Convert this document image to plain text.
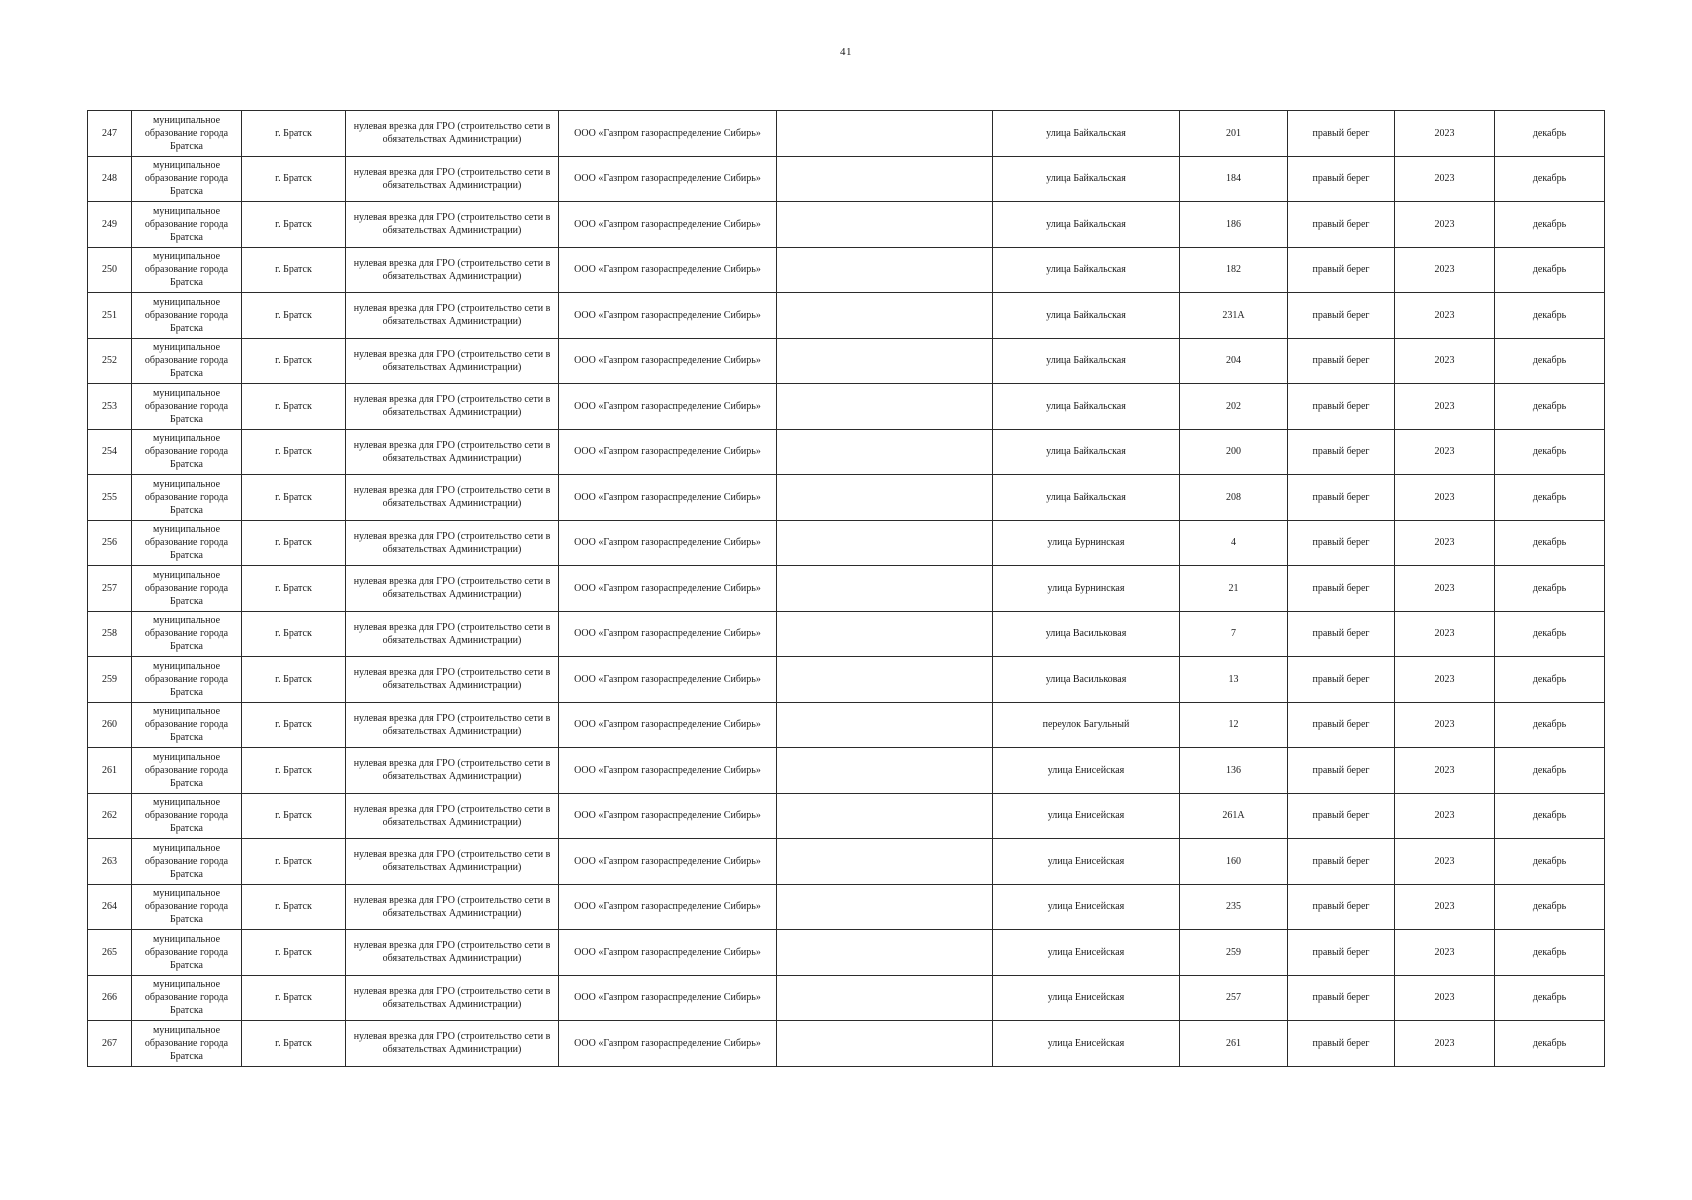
41
247	муниципальное образование города Братска	г. Братск	нулевая врезка для ГРО (строительство сети в обязательствах Администрации)	ООО «Газпром газораспределение Сибирь»		улица Байкальская	201	правый берег	2023	декабрь
248	муниципальное образование города Братска	г. Братск	нулевая врезка для ГРО (строительство сети в обязательствах Администрации)	ООО «Газпром газораспределение Сибирь»		улица Байкальская	184	правый берег	2023	декабрь
249	муниципальное образование города Братска	г. Братск	нулевая врезка для ГРО (строительство сети в обязательствах Администрации)	ООО «Газпром газораспределение Сибирь»		улица Байкальская	186	правый берег	2023	декабрь
250	муниципальное образование города Братска	г. Братск	нулевая врезка для ГРО (строительство сети в обязательствах Администрации)	ООО «Газпром газораспределение Сибирь»		улица Байкальская	182	правый берег	2023	декабрь
251	муниципальное образование города Братска	г. Братск	нулевая врезка для ГРО (строительство сети в обязательствах Администрации)	ООО «Газпром газораспределение Сибирь»		улица Байкальская	231А	правый берег	2023	декабрь
252	муниципальное образование города Братска	г. Братск	нулевая врезка для ГРО (строительство сети в обязательствах Администрации)	ООО «Газпром газораспределение Сибирь»		улица Байкальская	204	правый берег	2023	декабрь
253	муниципальное образование города Братска	г. Братск	нулевая врезка для ГРО (строительство сети в обязательствах Администрации)	ООО «Газпром газораспределение Сибирь»		улица Байкальская	202	правый берег	2023	декабрь
254	муниципальное образование города Братска	г. Братск	нулевая врезка для ГРО (строительство сети в обязательствах Администрации)	ООО «Газпром газораспределение Сибирь»		улица Байкальская	200	правый берег	2023	декабрь
255	муниципальное образование города Братска	г. Братск	нулевая врезка для ГРО (строительство сети в обязательствах Администрации)	ООО «Газпром газораспределение Сибирь»		улица Байкальская	208	правый берег	2023	декабрь
256	муниципальное образование города Братска	г. Братск	нулевая врезка для ГРО (строительство сети в обязательствах Администрации)	ООО «Газпром газораспределение Сибирь»		улица Бурнинская	4	правый берег	2023	декабрь
257	муниципальное образование города Братска	г. Братск	нулевая врезка для ГРО (строительство сети в обязательствах Администрации)	ООО «Газпром газораспределение Сибирь»		улица Бурнинская	21	правый берег	2023	декабрь
258	муниципальное образование города Братска	г. Братск	нулевая врезка для ГРО (строительство сети в обязательствах Администрации)	ООО «Газпром газораспределение Сибирь»		улица Васильковая	7	правый берег	2023	декабрь
259	муниципальное образование города Братска	г. Братск	нулевая врезка для ГРО (строительство сети в обязательствах Администрации)	ООО «Газпром газораспределение Сибирь»		улица Васильковая	13	правый берег	2023	декабрь
260	муниципальное образование города Братска	г. Братск	нулевая врезка для ГРО (строительство сети в обязательствах Администрации)	ООО «Газпром газораспределение Сибирь»		переулок Багульный	12	правый берег	2023	декабрь
261	муниципальное образование города Братска	г. Братск	нулевая врезка для ГРО (строительство сети в обязательствах Администрации)	ООО «Газпром газораспределение Сибирь»		улица Енисейская	136	правый берег	2023	декабрь
262	муниципальное образование города Братска	г. Братск	нулевая врезка для ГРО (строительство сети в обязательствах Администрации)	ООО «Газпром газораспределение Сибирь»		улица Енисейская	261А	правый берег	2023	декабрь
263	муниципальное образование города Братска	г. Братск	нулевая врезка для ГРО (строительство сети в обязательствах Администрации)	ООО «Газпром газораспределение Сибирь»		улица Енисейская	160	правый берег	2023	декабрь
264	муниципальное образование города Братска	г. Братск	нулевая врезка для ГРО (строительство сети в обязательствах Администрации)	ООО «Газпром газораспределение Сибирь»		улица Енисейская	235	правый берег	2023	декабрь
265	муниципальное образование города Братска	г. Братск	нулевая врезка для ГРО (строительство сети в обязательствах Администрации)	ООО «Газпром газораспределение Сибирь»		улица Енисейская	259	правый берег	2023	декабрь
266	муниципальное образование города Братска	г. Братск	нулевая врезка для ГРО (строительство сети в обязательствах Администрации)	ООО «Газпром газораспределение Сибирь»		улица Енисейская	257	правый берег	2023	декабрь
267	муниципальное образование города Братска	г. Братск	нулевая врезка для ГРО (строительство сети в обязательствах Администрации)	ООО «Газпром газораспределение Сибирь»		улица Енисейская	261	правый берег	2023	декабрь
